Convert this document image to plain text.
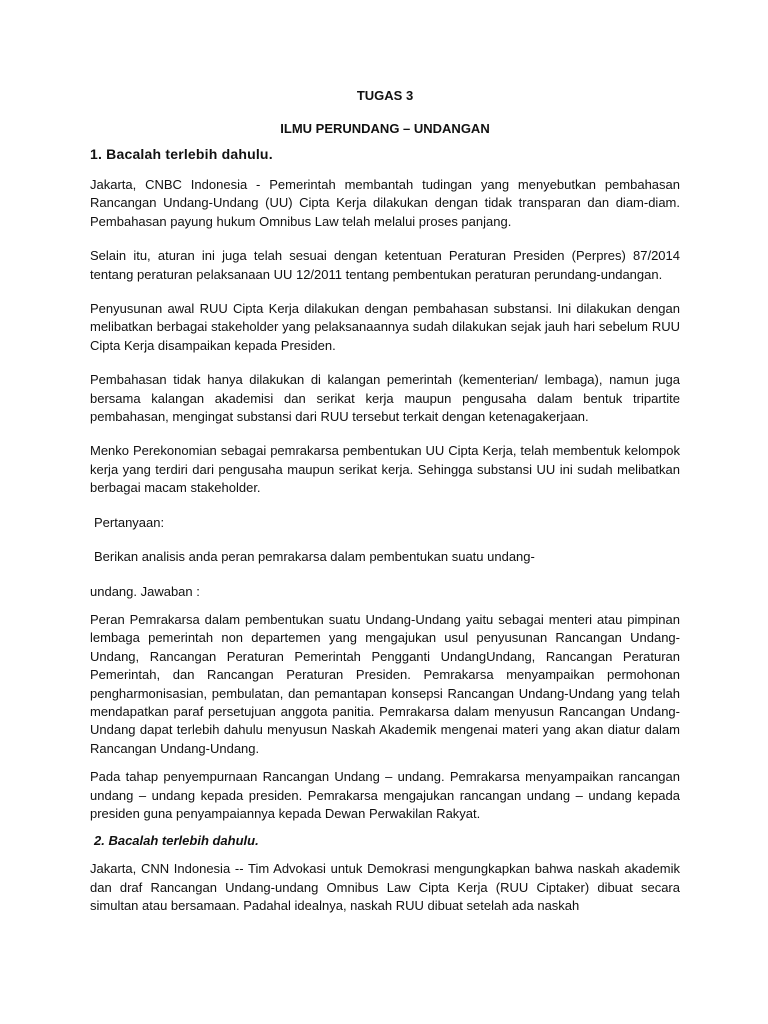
TUGAS 3

ILMU PERUNDANG – UNDANGAN

1. Bacalah terlebih dahulu.

Jakarta, CNBC Indonesia - Pemerintah membantah tudingan yang menyebutkan pembahasan Rancangan Undang-Undang (UU) Cipta Kerja dilakukan dengan tidak transparan dan diam-diam. Pembahasan payung hukum Omnibus Law telah melalui proses panjang.

Selain itu, aturan ini juga telah sesuai dengan ketentuan Peraturan Presiden (Perpres) 87/2014 tentang peraturan pelaksanaan UU 12/2011 tentang pembentukan peraturan perundang-undangan.

Penyusunan awal RUU Cipta Kerja dilakukan dengan pembahasan substansi. Ini dilakukan dengan melibatkan berbagai stakeholder yang pelaksanaannya sudah dilakukan sejak jauh hari sebelum RUU Cipta Kerja disampaikan kepada Presiden.

Pembahasan tidak hanya dilakukan di kalangan pemerintah (kementerian/ lembaga), namun juga bersama kalangan akademisi dan serikat kerja maupun pengusaha dalam bentuk tripartite pembahasan, mengingat substansi dari RUU tersebut terkait dengan ketenagakerjaan.

Menko Perekonomian sebagai pemrakarsa pembentukan UU Cipta Kerja, telah membentuk kelompok kerja yang terdiri dari pengusaha maupun serikat kerja. Sehingga substansi UU ini sudah melibatkan berbagai macam stakeholder.

Pertanyaan:

Berikan analisis anda peran pemrakarsa dalam pembentukan suatu undang-

undang. Jawaban :

Peran Pemrakarsa dalam pembentukan suatu Undang-Undang yaitu sebagai menteri atau pimpinan lembaga pemerintah non departemen yang mengajukan usul penyusunan Rancangan Undang-Undang, Rancangan Peraturan Pemerintah Pengganti UndangUndang, Rancangan Peraturan Pemerintah, dan Rancangan Peraturan Presiden. Pemrakarsa menyampaikan permohonan pengharmonisasian, pembulatan, dan pemantapan konsepsi Rancangan Undang-Undang yang telah mendapatkan paraf persetujuan anggota panitia. Pemrakarsa dalam menyusun Rancangan Undang-Undang dapat terlebih dahulu menyusun Naskah Akademik mengenai materi yang akan diatur dalam Rancangan Undang-Undang.

Pada tahap penyempurnaan Rancangan Undang – undang. Pemrakarsa menyampaikan rancangan undang – undang kepada presiden. Pemrakarsa mengajukan rancangan undang – undang kepada presiden guna penyampaiannya kepada Dewan Perwakilan Rakyat.

2. Bacalah terlebih dahulu.

Jakarta, CNN Indonesia -- Tim Advokasi untuk Demokrasi mengungkapkan bahwa naskah akademik dan draf Rancangan Undang-undang Omnibus Law Cipta Kerja (RUU Ciptaker) dibuat secara simultan atau bersamaan. Padahal idealnya, naskah RUU dibuat setelah ada naskah
